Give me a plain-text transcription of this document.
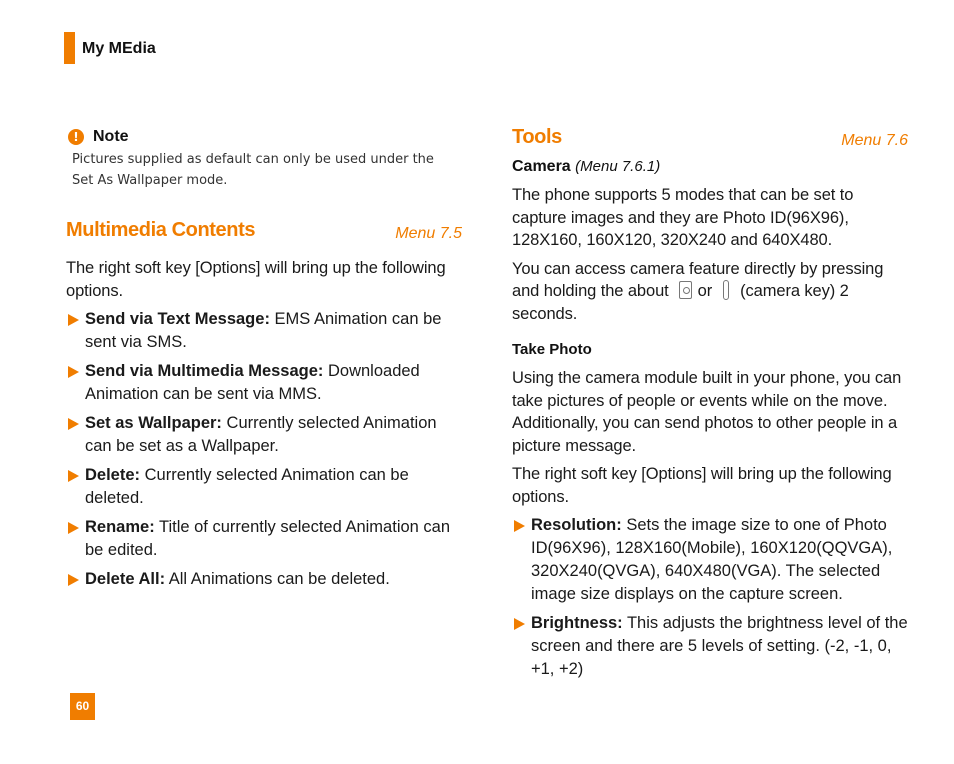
My MEdia
! Note
Pictures supplied as default can only be used under the Set As Wallpaper mode.
Multimedia Contents	Menu 7.5
The right soft key [Options] will bring up the following options.
Send via Text Message: EMS Animation can be sent via SMS.
Send via Multimedia Message: Downloaded Animation can be sent via MMS.
Set as Wallpaper: Currently selected Animation can be set as a Wallpaper.
Delete: Currently selected Animation can be deleted.
Rename: Title of currently selected Animation can be edited.
Delete All: All Animations can be deleted.
Tools	Menu 7.6
Camera (Menu 7.6.1)
The phone supports 5 modes that can be set to capture images and they are Photo ID(96X96), 128X160, 160X120, 320X240 and 640X480.
You can access camera feature directly by pressing and holding the about or (camera key) 2 seconds.
Take Photo
Using the camera module built in your phone, you can take pictures of people or events while on the move. Additionally, you can send photos to other people in a picture message.
The right soft key [Options] will bring up the following options.
Resolution: Sets the image size to one of Photo ID(96X96), 128X160(Mobile), 160X120(QQVGA), 320X240(QVGA), 640X480(VGA). The selected image size displays on the capture screen.
Brightness: This adjusts the brightness level of the screen and there are 5 levels of setting. (-2, -1, 0, +1, +2)
60
